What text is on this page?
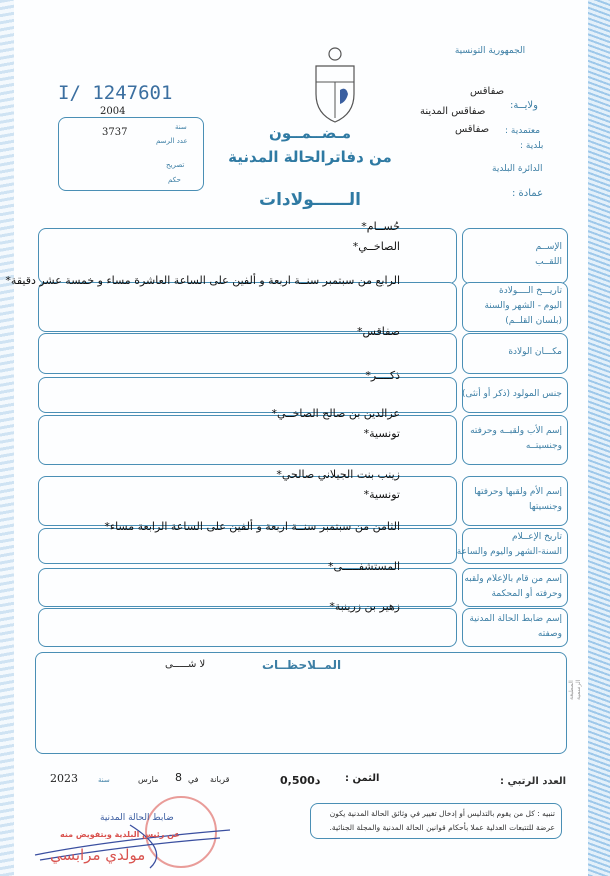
الجمهورية التونسية
ولايــة:
صفاقس
صفاقس المدينة
معتمدية :
صفاقس
بلدية :
الدائرة البلدية
عمادة :
مـضــمــون
من دفاترالحالة المدنية
الــــــولادات
I/ 1247601
2004
3737	سنة
عدد الرسم
تصريح
حكم
الإســم
اللقــب
حُســام*
الصاخــي*
تاريـــخ الــــولادة
اليوم - الشهر والسنة
(بلسان القلــم)
الرابع من سبتمبر سنــة اربعة و ألفين على الساعة العاشرة مساء و خمسة عشر دقيقة*
مكـــان الولادة
صفاقس*
جنس المولود (ذكر أو أنثى)
ذكــــر*
إسم الأب ولقبــه وحرفته
وجنسيتــه
عزالدين بن صالح الصاخــي*
تونسية*
إسم الأم ولقبها وحرفتها
وجنسيتها
زينب بنت الجيلاني صالحي*
تونسية*
تاريخ الإعــلام
السنة-الشهر واليوم والساعة
الثامن من سبتمبر سنــة اربعة و ألفين على الساعة الرابعة مساء*
إسم من قام بالإعلام ولقبه
وحرفته أو المحكمة
المستشفـــــى*
إسم ضابط الحالة المدنية
وصفته
زهير بن زرينبة*
المــلاحظــات
لا شـــــى
المطبعة الرسمية
العدد الرتبي :
الثمن :
0,500د
قربانة
في
8
مارس
سنة
2023
تنبيه : كل من يقوم بالتدليس أو إدخال تغيير في وثائق الحالة المدنية يكون عرضة للتتبعات العدلية عملا بأحكام قوانين الحالة المدنية والمجلة الجنائية.
ضابط الحالة المدنية
عن رئيس البلدية وبتفويض منه
مولدي مرابسي
